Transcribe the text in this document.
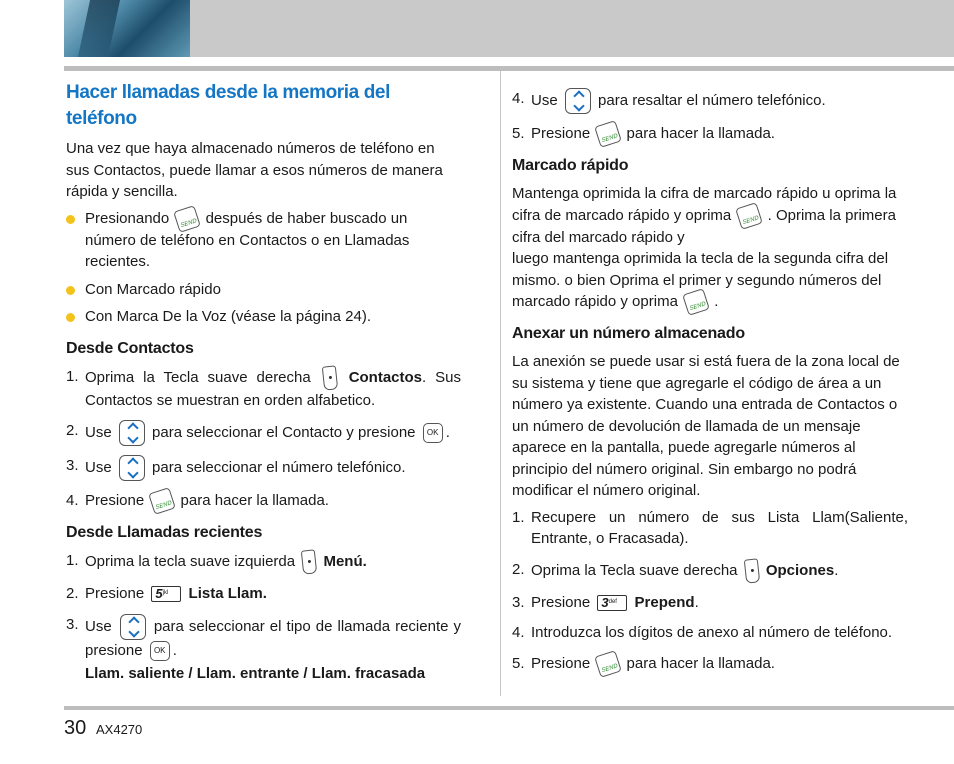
Hacer llamadas desde la memoria del teléfono

Una vez que haya almacenado números de teléfono en sus Contactos, puede llamar a esos números de manera rápida y sencilla.

Presionando SEND después de haber buscado un número de teléfono en Contactos o en Llamadas recientes.
Con Marcado rápido
Con Marca De la Voz (véase la página 24).
Desde Contactos
1. Oprima la Tecla suave derecha	Contactos. Sus Contactos se muestran en orden alfabetico.
2. Use	para seleccionar el Contacto y presione OK .
3. Use	para seleccionar el número telefónico.
4. Presione SEND para hacer la llamada.
Desde Llamadas recientes
1. Oprima la tecla suave izquierda Menú.
2. Presione $5^{jkl}$ Lista Llam.
3. Use	para seleccionar el tipo de llamada reciente y presione OK .
Llam. saliente / Llam. entrante / Llam. fracasada
4. Use	para resaltar el número telefónico.
5. Presione SEND para hacer la llamada.
Marcado rápido

Mantenga oprimida la cifra de marcado rápido u oprima la cifra de marcado rápido y oprima SEND . Oprima la primera cifra del marcado rápido y

luego mantenga oprimida la tecla de la segunda cifra del mismo. o bien Oprima el primer y segundo números del marcado rápido y oprima SEND .

Anexar un número almacenado

La anexión se puede usar si está fuera de la zona local de su sistema y tiene que agregarle el código de área a un número ya existente. Cuando una entrada de Contactos o un número de devolución de llamada de un mensaje aparece en la pantalla, puede agregarle números al principio del número original. Sin embargo no podrá modificar el número original.

1. Recupere un número de sus Lista Llam(Saliente, Entrante, o Fracasada).
2. Oprima la Tecla suave derecha Opciones.
3. Presione $3^{def}$ Prepend.
4. Introduzca los dígitos de anexo al número de teléfono.
5. Presione SEND para hacer la llamada.
30 AX4270
